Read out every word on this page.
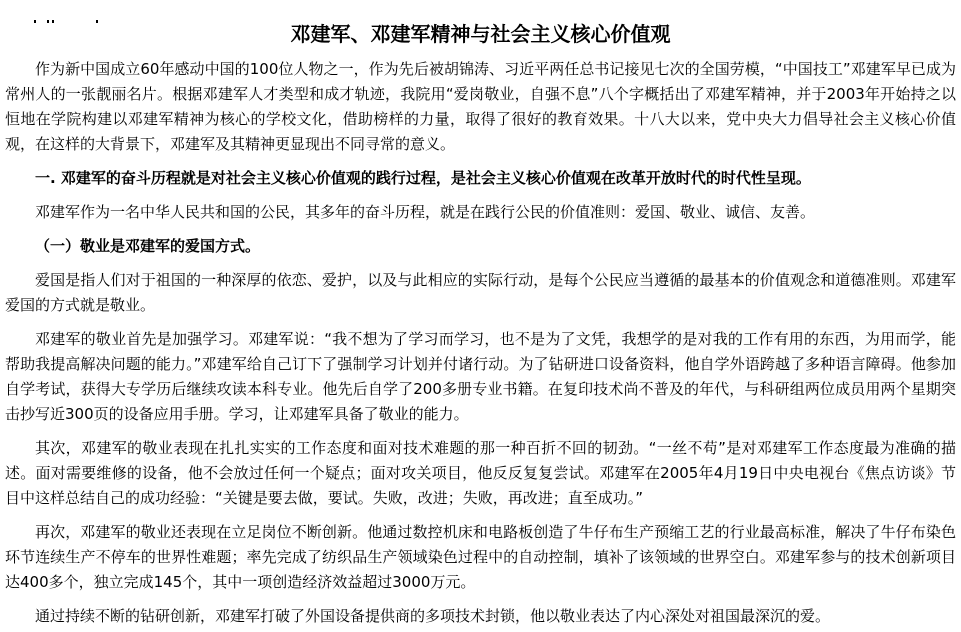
邓建军、邓建军精神与社会主义核心价值观

作为新中国成立60年感动中国的100位人物之一，作为先后被胡锦涛、习近平两任总书记接见七次的全国劳模，“中国技工”邓建军早已成为常州人的一张靓丽名片。根据邓建军人才类型和成才轨迹，我院用“爱岗敬业，自强不息”八个字概括出了邓建军精神，并于2003年开始持之以恒地在学院构建以邓建军精神为核心的学校文化，借助榜样的力量，取得了很好的教育效果。十八大以来，党中央大力倡导社会主义核心价值观，在这样的大背景下，邓建军及其精神更显现出不同寻常的意义。

一. 邓建军的奋斗历程就是对社会主义核心价值观的践行过程，是社会主义核心价值观在改革开放时代的时代性呈现。

邓建军作为一名中华人民共和国的公民，其多年的奋斗历程，就是在践行公民的价值准则：爱国、敬业、诚信、友善。

（一）敬业是邓建军的爱国方式。

爱国是指人们对于祖国的一种深厚的依恋、爱护，以及与此相应的实际行动，是每个公民应当遵循的最基本的价值观念和道德准则。邓建军爱国的方式就是敬业。

邓建军的敬业首先是加强学习。邓建军说：“我不想为了学习而学习，也不是为了文凭，我想学的是对我的工作有用的东西，为用而学，能帮助我提高解决问题的能力。”邓建军给自己订下了强制学习计划并付诸行动。为了钻研进口设备资料，他自学外语跨越了多种语言障碍。他参加自学考试，获得大专学历后继续攻读本科专业。他先后自学了200多册专业书籍。在复印技术尚不普及的年代，与科研组两位成员用两个星期突击抄写近300页的设备应用手册。学习，让邓建军具备了敬业的能力。

其次，邓建军的敬业表现在扎扎实实的工作态度和面对技术难题的那一种百折不回的韧劲。“一丝不苟”是对邓建军工作态度最为准确的描述。面对需要维修的设备，他不会放过任何一个疑点；面对攻关项目，他反反复复尝试。邓建军在2005年4月19日中央电视台《焦点访谈》节目中这样总结自己的成功经验：“关键是要去做，要试。失败，改进；失败，再改进；直至成功。”

再次，邓建军的敬业还表现在立足岗位不断创新。他通过数控机床和电路板创造了牛仔布生产预缩工艺的行业最高标准，解决了牛仔布染色环节连续生产不停车的世界性难题；率先完成了纺织品生产领域染色过程中的自动控制，填补了该领域的世界空白。邓建军参与的技术创新项目达400多个，独立完成145个，其中一项创造经济效益超过3000万元。

通过持续不断的钻研创新，邓建军打破了外国设备提供商的多项技术封锁，他以敬业表达了内心深处对祖国最深沉的爱。
